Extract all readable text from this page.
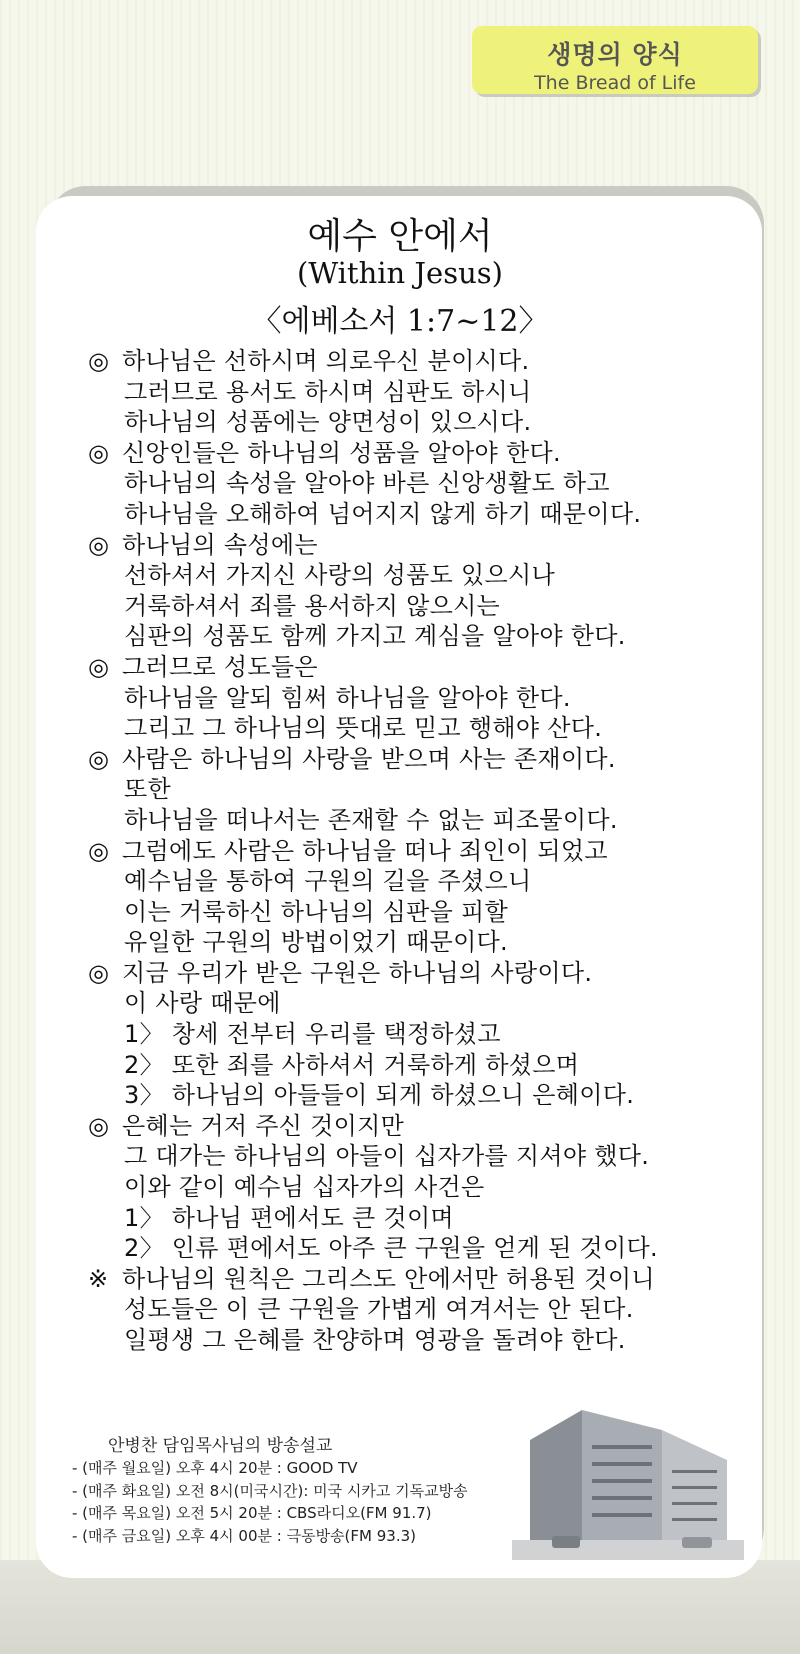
생명의 양식
The Bread of Life
예수 안에서
(Within Jesus)
〈에베소서 1:7~12〉
◎ 하나님은 선하시며 의로우신 분이시다.
그러므로 용서도 하시며 심판도 하시니
하나님의 성품에는 양면성이 있으시다.
◎ 신앙인들은 하나님의 성품을 알아야 한다.
하나님의 속성을 알아야 바른 신앙생활도 하고
하나님을 오해하여 넘어지지 않게 하기 때문이다.
◎ 하나님의 속성에는
선하셔서 가지신 사랑의 성품도 있으시나
거룩하셔서 죄를 용서하지 않으시는
심판의 성품도 함께 가지고 계심을 알아야 한다.
◎ 그러므로 성도들은
하나님을 알되 힘써 하나님을 알아야 한다.
그리고 그 하나님의 뜻대로 믿고 행해야 산다.
◎ 사람은 하나님의 사랑을 받으며 사는 존재이다.
또한
하나님을 떠나서는 존재할 수 없는 피조물이다.
◎ 그럼에도 사람은 하나님을 떠나 죄인이 되었고
예수님을 통하여 구원의 길을 주셨으니
이는 거룩하신 하나님의 심판을 피할
유일한 구원의 방법이었기 때문이다.
◎ 지금 우리가 받은 구원은 하나님의 사랑이다.
이 사랑 때문에
1〉 창세 전부터 우리를 택정하셨고
2〉 또한 죄를 사하셔서 거룩하게 하셨으며
3〉 하나님의 아들들이 되게 하셨으니 은혜이다.
◎ 은혜는 거저 주신 것이지만
그 대가는 하나님의 아들이 십자가를 지셔야 했다.
이와 같이 예수님 십자가의 사건은
1〉 하나님 편에서도 큰 것이며
2〉 인류 편에서도 아주 큰 구원을 얻게 된 것이다.
※ 하나님의 원칙은 그리스도 안에서만 허용된 것이니
성도들은 이 큰 구원을 가볍게 여겨서는 안 된다.
일평생 그 은혜를 찬양하며 영광을 돌려야 한다.
안병찬 담임목사님의 방송설교
- (매주 월요일) 오후 4시 20분 : GOOD TV
- (매주 화요일) 오전 8시(미국시간): 미국 시카고 기독교방송
- (매주 목요일) 오전 5시 20분 : CBS라디오(FM 91.7)
- (매주 금요일) 오후 4시 00분 : 극동방송(FM 93.3)
